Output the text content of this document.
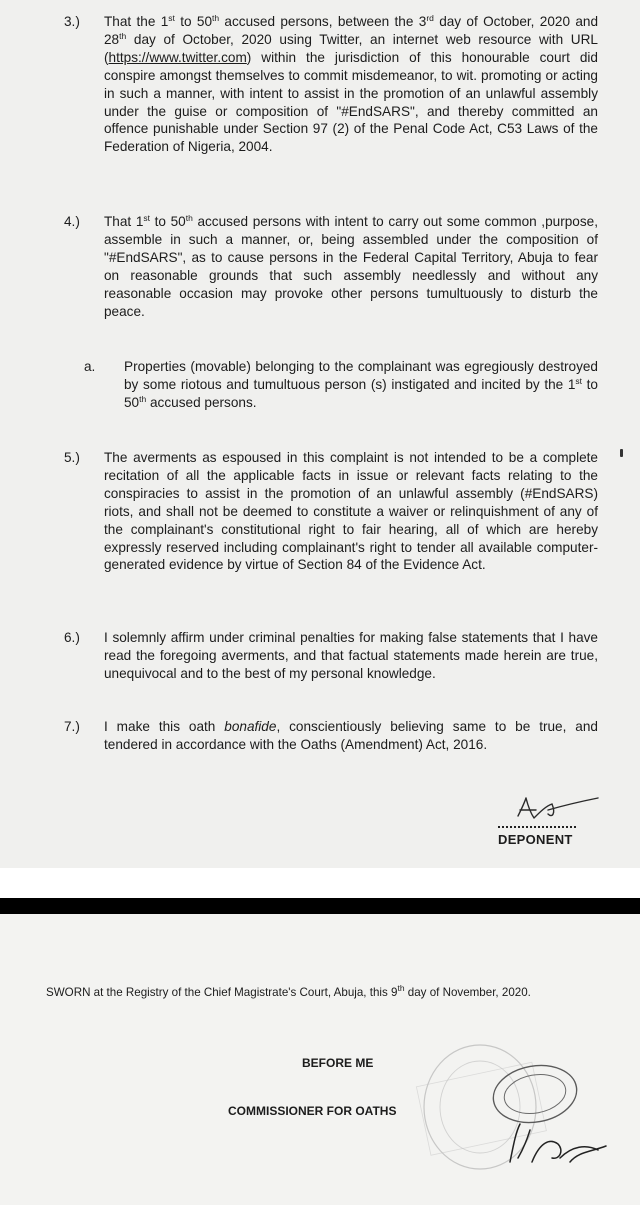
3.) That the 1st to 50th accused persons, between the 3rd day of October, 2020 and 28th day of October, 2020 using Twitter, an internet web resource with URL (https://www.twitter.com) within the jurisdiction of this honourable court did conspire amongst themselves to commit misdemeanor, to wit. promoting or acting in such a manner, with intent to assist in the promotion of an unlawful assembly under the guise or composition of "#EndSARS", and thereby committed an offence punishable under Section 97 (2) of the Penal Code Act, C53 Laws of the Federation of Nigeria, 2004.
4.) That 1st to 50th accused persons with intent to carry out some common ,purpose, assemble in such a manner, or, being assembled under the composition of "#EndSARS", as to cause persons in the Federal Capital Territory, Abuja to fear on reasonable grounds that such assembly needlessly and without any reasonable occasion may provoke other persons tumultuously to disturb the peace.
a. Properties (movable) belonging to the complainant was egregiously destroyed by some riotous and tumultuous person (s) instigated and incited by the 1st to 50th accused persons.
5.) The averments as espoused in this complaint is not intended to be a complete recitation of all the applicable facts in issue or relevant facts relating to the conspiracies to assist in the promotion of an unlawful assembly (#EndSARS) riots, and shall not be deemed to constitute a waiver or relinquishment of any of the complainant's constitutional right to fair hearing, all of which are hereby expressly reserved including complainant's right to tender all available computer-generated evidence by virtue of Section 84 of the Evidence Act.
6.) I solemnly affirm under criminal penalties for making false statements that I have read the foregoing averments, and that factual statements made herein are true, unequivocal and to the best of my personal knowledge.
7.) I make this oath bonafide, conscientiously believing same to be true, and tendered in accordance with the Oaths (Amendment) Act, 2016.
DEPONENT
SWORN at the Registry of the Chief Magistrate's Court, Abuja, this 9th day of November, 2020.
BEFORE ME
COMMISSIONER FOR OATHS
